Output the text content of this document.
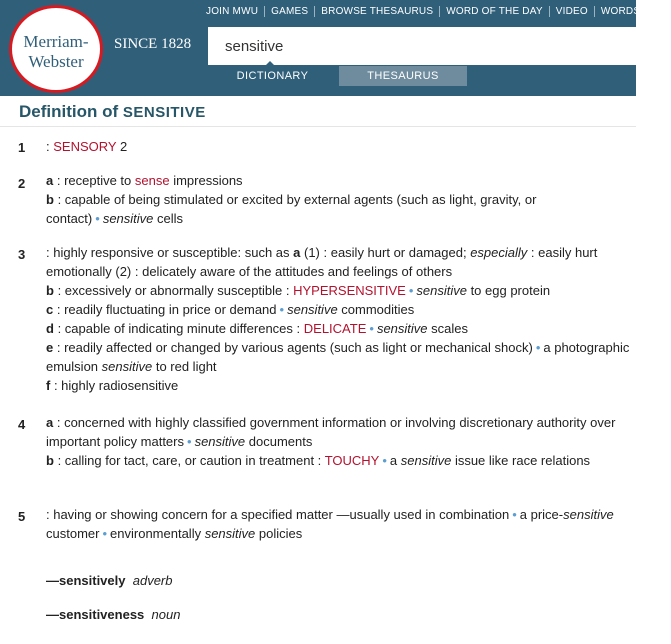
Merriam-
Webster
SINCE 1828
JOIN MWU GAMES BROWSE THESAURUS WORD OF THE DAY VIDEO WORDS AT P
sensitive
DICTIONARY	THESAURUS
Definition of SENSITIVE
1 : SENSORY 2
2 a : receptive to sense impressions
b : capable of being stimulated or excited by external agents (such as light, gravity, or contact) • sensitive cells
3 : highly responsive or susceptible: such as a (1) : easily hurt or damaged; especially : easily hurt emotionally (2) : delicately aware of the attitudes and feelings of others
b : excessively or abnormally susceptible : HYPERSENSITIVE • sensitive to egg protein
c : readily fluctuating in price or demand • sensitive commodities
d : capable of indicating minute differences : DELICATE • sensitive scales
e : readily affected or changed by various agents (such as light or mechanical shock) • a photographic emulsion sensitive to red light
f : highly radiosensitive
4 a : concerned with highly classified government information or involving discretionary authority over important policy matters • sensitive documents
b : calling for tact, care, or caution in treatment : TOUCHY • a sensitive issue like race relations
5 : having or showing concern for a specified matter —usually used in combination • a price-sensitive customer • environmentally sensitive policies
—sensitively adverb
—sensitiveness noun
